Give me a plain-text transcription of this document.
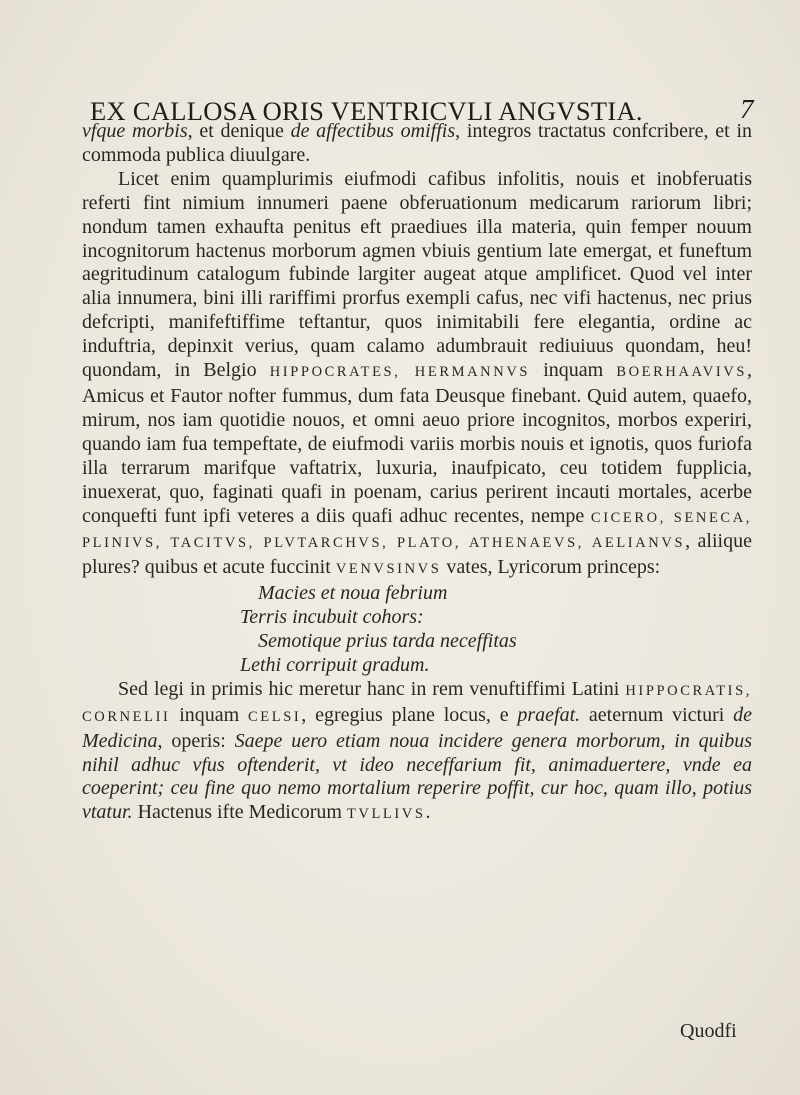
EX CALLOSA ORIS VENTRICVLI ANGVSTIA.	7

vfque morbis, et denique de affectibus omiffis, integros tractatus confcribere, et in commoda publica diuulgare.

Licet enim quamplurimis eiufmodi cafibus infolitis, nouis et inobferuatis referti fint nimium innumeri paene obferuationum medicarum rariorum libri; nondum tamen exhaufta penitus eft praediues illa materia, quin femper nouum incognitorum hactenus morborum agmen vbiuis gentium late emergat, et funeftum aegritudinum catalogum fubinde largiter augeat atque amplificet. Quod vel inter alia innumera, bini illi rariffimi prorfus exempli cafus, nec vifi hactenus, nec prius defcripti, manifeftiffime teftantur, quos inimitabili fere elegantia, ordine ac induftria, depinxit verius, quam calamo adumbrauit rediuiuus quondam, heu! quondam, in Belgio HIPPOCRATES, HERMANNVS inquam BOERHAAVIVS, Amicus et Fautor nofter fummus, dum fata Deusque finebant. Quid autem, quaefo, mirum, nos iam quotidie nouos, et omni aeuo priore incognitos, morbos experiri, quando iam fua tempeftate, de eiufmodi variis morbis nouis et ignotis, quos furiofa illa terrarum marifque vaftatrix, luxuria, inaufpicato, ceu totidem fupplicia, inuexerat, quo, faginati quafi in poenam, carius perirent incauti mortales, acerbe conquefti funt ipfi veteres a diis quafi adhuc recentes, nempe CICERO, SENECA, PLINIVS, TACITVS, PLVTARCHVS, PLATO, ATHENAEVS, AELIANVS, aliique plures? quibus et acute fuccinit VENVSINVS vates, Lyricorum princeps:

Macies et noua febrium
Terris incubuit cohors:
Semotique prius tarda neceffitas
Lethi corripuit gradum.

Sed legi in primis hic meretur hanc in rem venuftiffimi Latini HIPPOCRATIS, CORNELII inquam CELSI, egregius plane locus, e praefat. aeternum victuri de Medicina, operis: Saepe uero etiam noua incidere genera morborum, in quibus nihil adhuc vfus oftenderit, vt ideo neceffarium fit, animaduertere, vnde ea coeperint; ceu fine quo nemo mortalium reperire poffit, cur hoc, quam illo, potius vtatur. Hactenus ifte Medicorum TVLLIVS.

Quodfi
